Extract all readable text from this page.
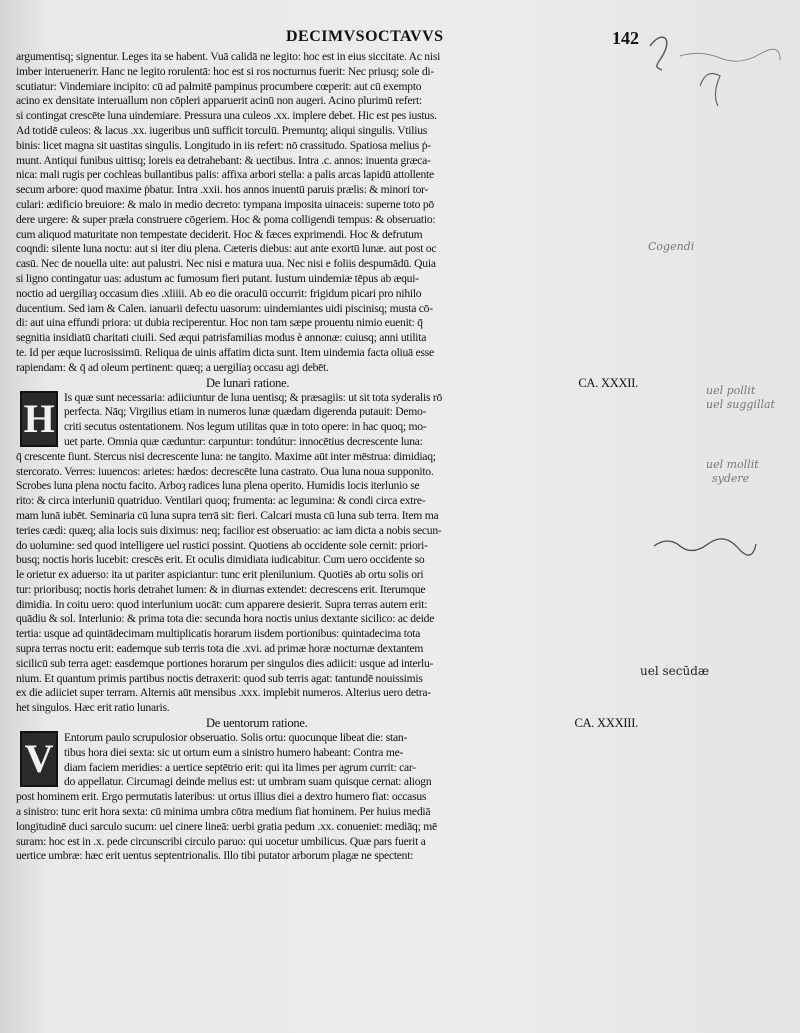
DECIMVSOCTAVVS	142
argumentisq; signentur. Leges ita se habent. Vuā calidā ne legito: hoc est in eius siccitate. Ac nisi
imber interueneriт. Hanc ne legito rorulentā: hoc est si ros nocturnus fuerit: Nec priusq; sole di-
scutiatur: Vindemiare incipito: cū ad palmitē pampinus procumbere cœperit: aut cū exempto
acino ex densitate interuallum non cōpleri apparuerit acinū non augeri. Acino plurimū refert:
si contingat crescēte luna uindemiare. Pressura una culeos .xx. implere debet. Hic est pes iustus.
Ad totidē culeos: & lacus .xx. iugeribus unū sufficit torculū. Premuntq; aliqui singulis. Vtilius
binis: licet magna sit uastitas singulis. Longitudo in iis refert: nō crassitudo. Spatiosa melius ṗ-
munt. Antiqui funibus uittisq; loreis ea detrahebant: & uectibus. Intra .c. annos: inuenta græca-
nica: mali rugis per cochleas bullantibus palis: affixa arbori stella: a palis arcas lapidū attollente
secum arbore: quod maxime ṗbatur. Intra .xxii. hos annos inuentū paruis prælis: & minori tor-
culari: ædificio breuiore: & malo in medio decreto: tympana imposita uinaceis: superne toto pō
dere urgere: & super præla construere cōgeriem. Hoc & poma colligendi tempus: & obseruatio:
cum aliquod maturitate non tempestate deciderit. Hoc & fæces exprimendi. Hoc & defrutum
coqndi: silente luna noctu: aut si iter diu plena. Cæteris diebus: aut ante exortū lunæ. aut post oc
casū. Nec de nouella uite: aut palustri. Nec nisi e matura uua. Nec nisi e foliis despumādū. Quia
si ligno contingatur uas: adustum ac fumosum fieri putant. Iustum uindemiæ tēpus ab æqui-
noctio ad uergiliaȝ occasum dies .xliiii. Ab eo die oraculū occurrit: frigidum picari pro nihilo
ducentium. Sed iam & Calen. ianuarii defectu uasorum: uindemiantes uidi piscinisq; musta cō-
di: aut uina effundi priora: ut dubia reciperentur. Hoc non tam sæpe prouentu nimio euenit: q̄
segnitia insidiatū charitati ciuili. Sed æqui patrisfamilias modus è annonæ: cuiusq; anni utilita
te. Id per æque lucrosissimū. Reliqua de uinis affatim dicta sunt. Item uindemia facta oliuā esse
rapiendam: & q̄ ad oleum pertinent: quæq; a uergiliaȝ occasu agi debēt.
De lunari ratione.	CA. XXXII.
H Is quæ sunt necessaria: adiiciuntur de luna uentisq; & præsagiis: ut sit tota syderalis rō
perfecta. Nāq; Virgilius etiam in numeros lunæ quædam digerenda putauit: Demo-
criti secutus ostentationem. Nos legum utilitas quæ in toto opere: in hac quoq; mo-
uet parte. Omnia quæ cæduntur: carpuntur: tondútur: innocētius decrescente luna:
q̄ crescente fiunt. Stercus nisi decrescente luna: ne tangito. Maxime aūt inter mēstrua: dimidiaq;
stercorato. Verres: iuuencos: arietes: hædos: decrescēte luna castrato. Oua luna noua supponito.
Scrobes luna plena noctu facito. Arboȝ radices luna plena operito. Humidis locis iterlunio se
rito: & circa interluniū quatriduo. Ventilari quoq; frumenta: ac legumina: & condi circa extre-
mam lunā iubēt. Seminaria cū luna supra terrā sit: fieri. Calcari musta cū luna sub terra. Item ma
teries cædi: quæq; alia locis suis diximus: neq; facilior est obseruatio: ac iam dicta a nobis secun-
do uolumine: sed quod intelligere uel rustici possint. Quotiens ab occidente sole cernit: priori-
busq; noctis horis lucebit: crescēs erit. Et oculis dimidiata iudicabitur. Cum uero occidente so
le orietur ex aduerso: ita ut pariter aspiciantur: tunc erit plenilunium. Quotiēs ab ortu solis ori
tur: prioribusq; noctis horis detrahet lumen: & in diurnas extendet: decrescens erit. Iterumque
dimidia. In coitu uero: quod interlunium uocāt: cum apparere desierit. Supra terras autem erit:
quādiu & sol. Interlunio: & prima tota die: secunda hora noctis unius dextante sicilico: ac deide
tertia: usque ad quintādecimam multiplicatis horarum iisdem portionibus: quintadecima tota
supra terras noctu erit: eademque sub terris tota die .xvi. ad primæ horæ nocturnæ dextantem
sicilicū sub terra aget: easdemque portiones horarum per singulos dies adiicit: usque ad interlu-
nium. Et quantum primis partibus noctis detraxerit: quod sub terris agat: tantundē nouissimis
ex die adiiciet super terram. Alternis aūt mensibus .xxx. implebit numeros. Alterius uero detra-
het singulos. Hæc erit ratio lunaris.
De uentorum ratione.	CA. XXXIII.
V Entorum paulo scrupulosior obseruatio. Solis ortu: quocunque libeat die: stan-
tibus hora diei sexta: sic ut ortum eum a sinistro humero habeant: Contra me-
diam faciem meridies: a uertice septētrio erit: qui ita limes per agrum currit: car-
do appellatur. Circumagi deinde melius est: ut umbram suam quisque cernat: aliogn
post hominem erit. Ergo permutatis lateribus: ut ortus illius diei a dextro humero fiat: occasus
a sinistro: tunc erit hora sexta: cū minima umbra cōtra medium fiat hominem. Per huius mediā
longitudinē duci sarculo sucum: uel cinere lineā: uerbi gratia pedum .xx. conueniet: mediāq; mē
suram: hoc est in .x. pede circunscribi circulo paruo: qui uocetur umbilicus. Quæ pars fuerit a
uertice umbræ: hæc erit uentus septentrionalis. Illo tibi putator arborum plagæ ne spectent:
Cogendi
uel pollit
uel suggillat
uel mollit
sydere
uel secūdæ
